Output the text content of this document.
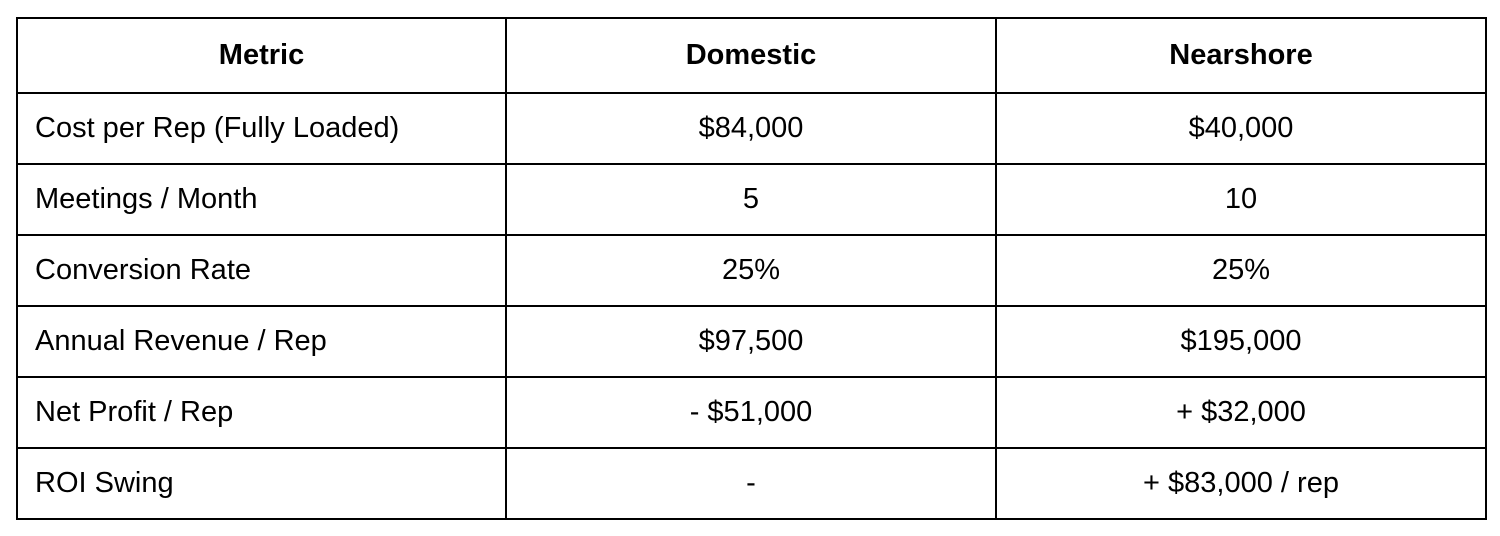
Metric	Domestic	Nearshore
Cost per Rep (Fully Loaded)	$84,000	$40,000
Meetings / Month	5	10
Conversion Rate	25%	25%
Annual Revenue / Rep	$97,500	$195,000
Net Profit / Rep	- $51,000	+ $32,000
ROI Swing	-	+ $83,000 / rep
